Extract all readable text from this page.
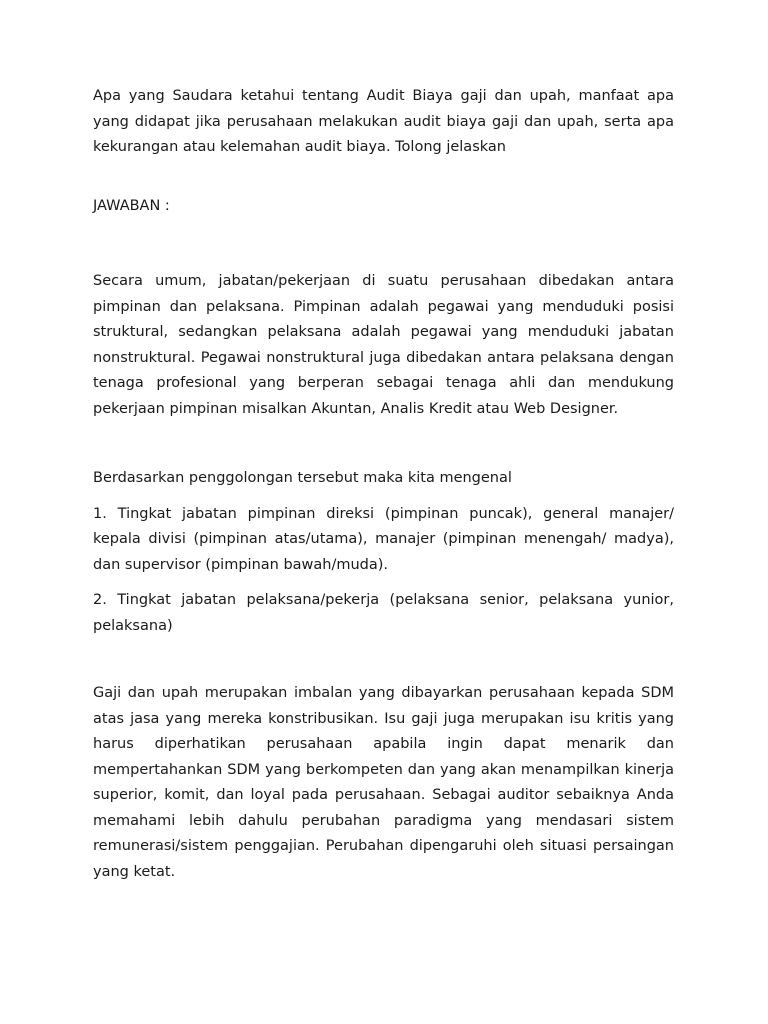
Apa yang Saudara ketahui tentang Audit Biaya gaji dan upah, manfaat apa yang didapat jika perusahaan melakukan audit biaya gaji dan upah, serta apa kekurangan atau kelemahan audit biaya. Tolong jelaskan

JAWABAN :

Secara umum, jabatan/pekerjaan di suatu perusahaan dibedakan antara pimpinan dan pelaksana. Pimpinan adalah pegawai yang menduduki posisi struktural, sedangkan pelaksana adalah pegawai yang menduduki jabatan nonstruktural. Pegawai nonstruktural juga dibedakan antara pelaksana dengan tenaga profesional yang berperan sebagai tenaga ahli dan mendukung pekerjaan pimpinan misalkan Akuntan, Analis Kredit atau Web Designer.

Berdasarkan penggolongan tersebut maka kita mengenal

1. Tingkat jabatan pimpinan direksi (pimpinan puncak), general manajer/ kepala divisi (pimpinan atas/utama), manajer (pimpinan menengah/ madya), dan supervisor (pimpinan bawah/muda).

2. Tingkat jabatan pelaksana/pekerja (pelaksana senior, pelaksana yunior, pelaksana)

Gaji dan upah merupakan imbalan yang dibayarkan perusahaan kepada SDM atas jasa yang mereka konstribusikan. Isu gaji juga merupakan isu kritis yang harus diperhatikan perusahaan apabila ingin dapat menarik dan mempertahankan SDM yang berkompeten dan yang akan menampilkan kinerja superior, komit, dan loyal pada perusahaan. Sebagai auditor sebaiknya Anda memahami lebih dahulu perubahan paradigma yang mendasari sistem remunerasi/sistem penggajian. Perubahan dipengaruhi oleh situasi persaingan yang ketat.
